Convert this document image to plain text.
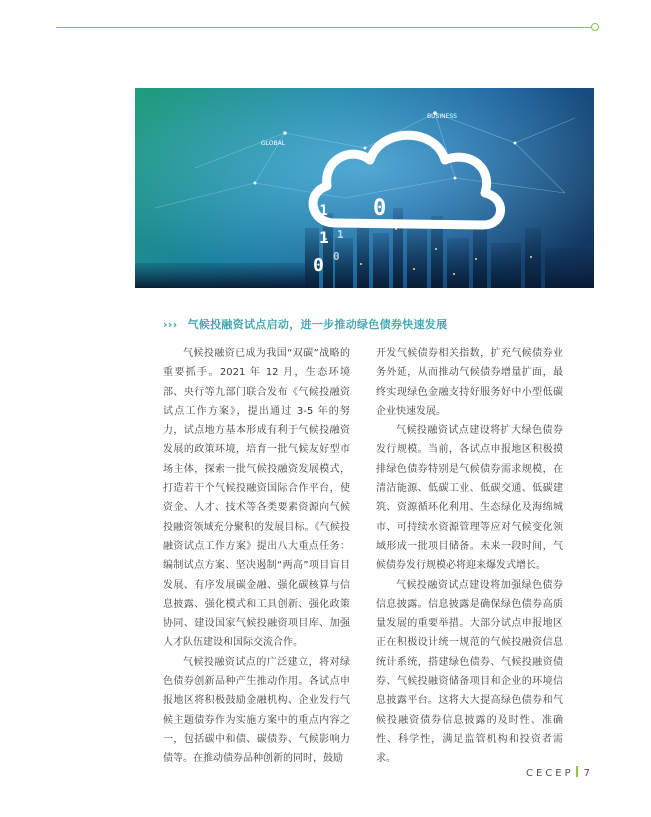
GLOBAL
BUSINESS
01 0
1
0
1
0
››› 气候投融资试点启动，进一步推动绿色债券快速发展

气候投融资已成为我国“双碳”战略的重要抓手。2021 年 12 月，生态环境部、央行等九部门联合发布《气候投融资试点工作方案》，提出通过 3-5 年的努力，试点地方基本形成有利于气候投融资发展的政策环境，培育一批气候友好型市场主体，探索一批气候投融资发展模式，打造若干个气候投融资国际合作平台，使资金、人才、技术等各类要素资源向气候投融资领域充分聚积的发展目标。《气候投融资试点工作方案》提出八大重点任务：编制试点方案、坚决遏制“两高”项目盲目发展、有序发展碳金融、强化碳核算与信息披露、强化模式和工具创新、强化政策协同、建设国家气候投融资项目库、加强人才队伍建设和国际交流合作。

气候投融资试点的广泛建立，将对绿色债券创新品种产生推动作用。各试点申报地区将积极鼓励金融机构、企业发行气候主题债券作为实施方案中的重点内容之一，包括碳中和债、碳债券、气候影响力债等。在推动债券品种创新的同时，鼓励

开发气候债券相关指数，扩充气候债券业务外延，从而推动气候债券增量扩面，最终实现绿色金融支持好服务好中小型低碳企业快速发展。

气候投融资试点建设将扩大绿色债券发行规模。当前，各试点申报地区积极摸排绿色债券特别是气候债券需求规模，在清洁能源、低碳工业、低碳交通、低碳建筑、资源循环化利用、生态绿化及海绵城市、可持续水资源管理等应对气候变化领域形成一批项目储备。未来一段时间，气候债券发行规模必将迎来爆发式增长。

气候投融资试点建设将加强绿色债券信息披露。信息披露是确保绿色债券高质量发展的重要举措。大部分试点申报地区正在积极设计统一规范的气候投融资信息统计系统，搭建绿色债券、气候投融资债券、气候投融资储备项目和企业的环境信息披露平台。这将大大提高绿色债券和气候投融资债券信息披露的及时性、准确性、科学性，满足监管机构和投资者需求。

CECEP 7
